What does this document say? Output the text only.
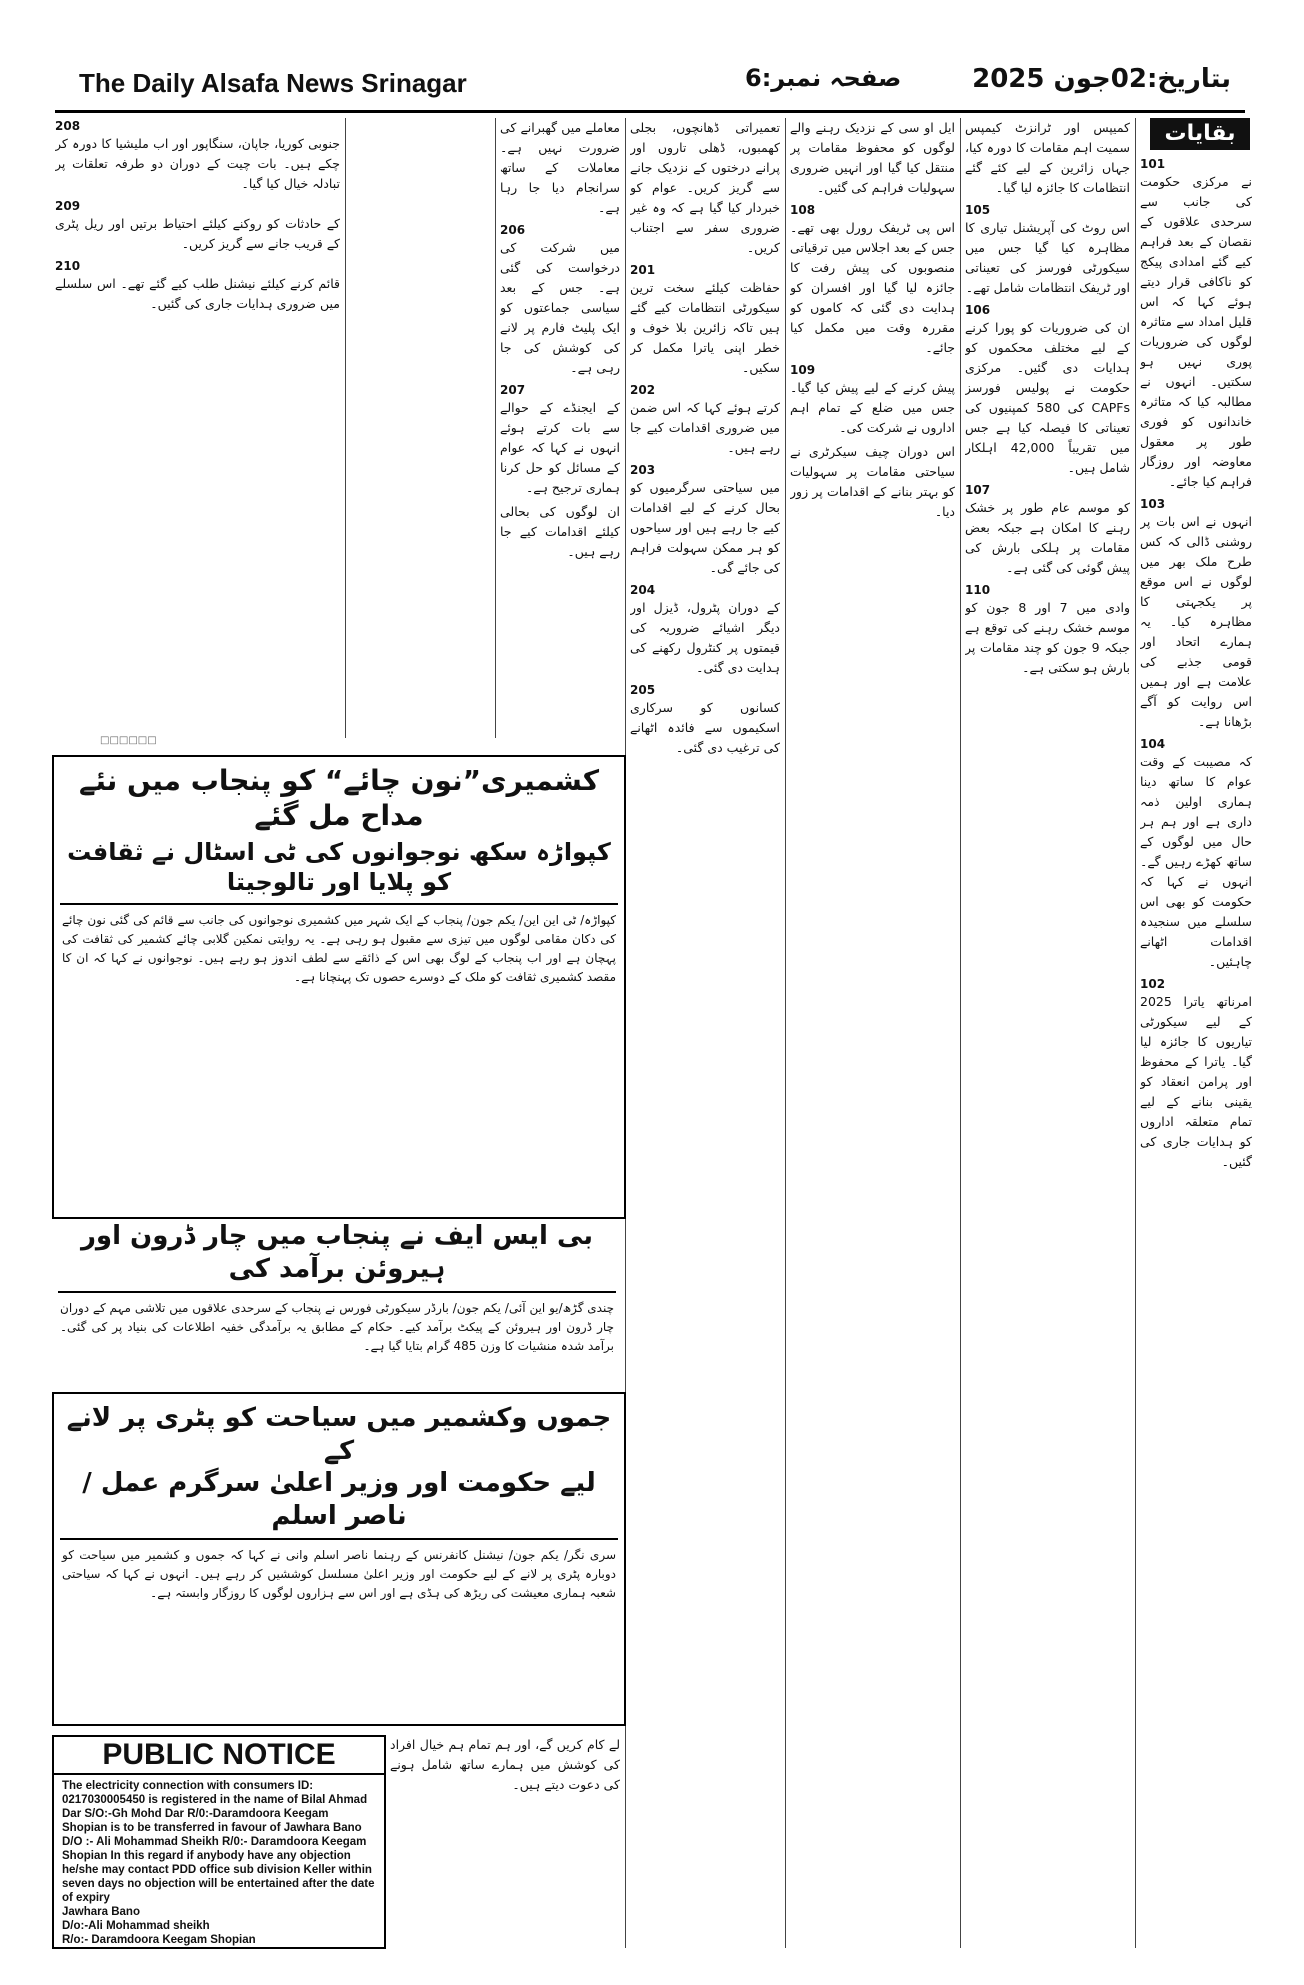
The Daily Alsafa News Srinagar	صفحہ نمبر:6	بتاریخ:02جون 2025
بقایات

101
نے مرکزی حکومت کی جانب سے سرحدی علاقوں کے نقصان کے بعد فراہم کیے گئے امدادی پیکج کو ناکافی قرار دیتے ہوئے کہا کہ اس قلیل امداد سے متاثرہ لوگوں کی ضروریات پوری نہیں ہو سکتیں۔ انہوں نے مطالبہ کیا کہ متاثرہ خاندانوں کو فوری طور پر معقول معاوضہ اور روزگار فراہم کیا جائے۔

103
انہوں نے اس بات پر روشنی ڈالی کہ کس طرح ملک بھر میں لوگوں نے اس موقع پر یکجہتی کا مظاہرہ کیا۔ یہ ہمارے اتحاد اور قومی جذبے کی علامت ہے اور ہمیں اس روایت کو آگے بڑھانا ہے۔

104
کہ مصیبت کے وقت عوام کا ساتھ دینا ہماری اولین ذمہ داری ہے اور ہم ہر حال میں لوگوں کے ساتھ کھڑے رہیں گے۔ انہوں نے کہا کہ حکومت کو بھی اس سلسلے میں سنجیدہ اقدامات اٹھانے چاہئیں۔

102
امرناتھ یاترا 2025 کے لیے سیکورٹی تیاریوں کا جائزہ لیا گیا۔ یاترا کے محفوظ اور پرامن انعقاد کو یقینی بنانے کے لیے تمام متعلقہ اداروں کو ہدایات جاری کی گئیں۔

کمیپس اور ٹرانزٹ کیمپس سمیت اہم مقامات کا دورہ کیا، جہاں زائرین کے لیے کئے گئے انتظامات کا جائزہ لیا گیا۔

105
اس روٹ کی آپریشنل تیاری کا مظاہرہ کیا گیا جس میں سیکورٹی فورسز کی تعیناتی اور ٹریفک انتظامات شامل تھے۔

106
ان کی ضروریات کو پورا کرنے کے لیے مختلف محکموں کو ہدایات دی گئیں۔ مرکزی حکومت نے پولیس فورسز CAPFs کی 580 کمپنیوں کی تعیناتی کا فیصلہ کیا ہے جس میں تقریباً 42,000 اہلکار شامل ہیں۔

107
کو موسم عام طور پر خشک رہنے کا امکان ہے جبکہ بعض مقامات پر ہلکی بارش کی پیش گوئی کی گئی ہے۔

110
وادی میں 7 اور 8 جون کو موسم خشک رہنے کی توقع ہے جبکہ 9 جون کو چند مقامات پر بارش ہو سکتی ہے۔

ایل او سی کے نزدیک رہنے والے لوگوں کو محفوظ مقامات پر منتقل کیا گیا اور انہیں ضروری سہولیات فراہم کی گئیں۔

108
اس پی ٹریفک رورل بھی تھے۔ جس کے بعد اجلاس میں ترقیاتی منصوبوں کی پیش رفت کا جائزہ لیا گیا اور افسران کو ہدایت دی گئی کہ کاموں کو مقررہ وقت میں مکمل کیا جائے۔

109
پیش کرنے کے لیے پیش کیا گیا۔ جس میں ضلع کے تمام اہم اداروں نے شرکت کی۔

اس دوران چیف سیکرٹری نے سیاحتی مقامات پر سہولیات کو بہتر بنانے کے اقدامات پر زور دیا۔

تعمیراتی ڈھانچوں، بجلی کھمبوں، ڈھلی تاروں اور پرانے درختوں کے نزدیک جانے سے گریز کریں۔ عوام کو خبردار کیا گیا ہے کہ وہ غیر ضروری سفر سے اجتناب کریں۔

201
حفاظت کیلئے سخت ترین سیکورٹی انتظامات کیے گئے ہیں تاکہ زائرین بلا خوف و خطر اپنی یاترا مکمل کر سکیں۔

202
کرتے ہوئے کہا کہ اس ضمن میں ضروری اقدامات کیے جا رہے ہیں۔

203
میں سیاحتی سرگرمیوں کو بحال کرنے کے لیے اقدامات کیے جا رہے ہیں اور سیاحوں کو ہر ممکن سہولت فراہم کی جائے گی۔

204
کے دوران پٹرول، ڈیزل اور دیگر اشیائے ضروریہ کی قیمتوں پر کنٹرول رکھنے کی ہدایت دی گئی۔

205
کسانوں کو سرکاری اسکیموں سے فائدہ اٹھانے کی ترغیب دی گئی۔

معاملے میں گھبرانے کی ضرورت نہیں ہے۔ معاملات کے ساتھ سرانجام دیا جا رہا ہے۔

206
میں شرکت کی درخواست کی گئی ہے۔ جس کے بعد سیاسی جماعتوں کو ایک پلیٹ فارم پر لانے کی کوشش کی جا رہی ہے۔

207
کے ایجنڈے کے حوالے سے بات کرتے ہوئے انہوں نے کہا کہ عوام کے مسائل کو حل کرنا ہماری ترجیح ہے۔

ان لوگوں کی بحالی کیلئے اقدامات کیے جا رہے ہیں۔

208
جنوبی کوریا، جاپان، سنگاپور اور اب ملیشیا کا دورہ کر چکے ہیں۔ بات چیت کے دوران دو طرفہ تعلقات پر تبادلہ خیال کیا گیا۔

209
کے حادثات کو روکنے کیلئے احتیاط برتیں اور ریل پٹری کے قریب جانے سے گریز کریں۔

210
قائم کرنے کیلئے نیشنل طلب کیے گئے تھے۔ اس سلسلے میں ضروری ہدایات جاری کی گئیں۔

□□□□□□
کشمیری”نون چائے“ کو پنجاب میں نئے مداح مل گئے
کپواڑہ سکھ نوجوانوں کی ٹی اسٹال نے ثقافت کو پلایا اور تالوجیتا
کپواڑہ/ ٹی این این/ یکم جون/ پنجاب کے ایک شہر میں کشمیری نوجوانوں کی جانب سے قائم کی گئی نون چائے کی دکان مقامی لوگوں میں تیزی سے مقبول ہو رہی ہے۔ یہ روایتی نمکین گلابی چائے کشمیر کی ثقافت کی پہچان ہے اور اب پنجاب کے لوگ بھی اس کے ذائقے سے لطف اندوز ہو رہے ہیں۔ نوجوانوں نے کہا کہ ان کا مقصد کشمیری ثقافت کو ملک کے دوسرے حصوں تک پہنچانا ہے۔
بی ایس ایف نے پنجاب میں چار ڈرون اور ہیروئن برآمد کی
چندی گڑھ/یو این آئی/ یکم جون/ بارڈر سیکورٹی فورس نے پنجاب کے سرحدی علاقوں میں تلاشی مہم کے دوران چار ڈرون اور ہیروئن کے پیکٹ برآمد کیے۔ حکام کے مطابق یہ برآمدگی خفیہ اطلاعات کی بنیاد پر کی گئی۔ برآمد شدہ منشیات کا وزن 485 گرام بتایا گیا ہے۔
جموں وکشمیر میں سیاحت کو پٹری پر لانے کے
لیے حکومت اور وزیر اعلیٰ سرگرم عمل / ناصر اسلم
سری نگر/ یکم جون/ نیشنل کانفرنس کے رہنما ناصر اسلم وانی نے کہا کہ جموں و کشمیر میں سیاحت کو دوبارہ پٹری پر لانے کے لیے حکومت اور وزیر اعلیٰ مسلسل کوششیں کر رہے ہیں۔ انہوں نے کہا کہ سیاحتی شعبہ ہماری معیشت کی ریڑھ کی ہڈی ہے اور اس سے ہزاروں لوگوں کا روزگار وابستہ ہے۔
PUBLIC NOTICE
The electricity connection with consumers ID: 0217030005450 is registered in the name of Bilal Ahmad Dar S/O:-Gh Mohd Dar R/0:-Daramdoora Keegam Shopian is to be transferred in favour of Jawhara Bano D/O :- Ali Mohammad Sheikh R/0:- Daramdoora Keegam Shopian In this regard if anybody have any objection he/she may contact PDD office sub division Keller within seven days no objection will be entertained after the date of expiry
Jawhara Bano
D/o:-Ali Mohammad sheikh
R/o:- Daramdoora Keegam Shopian

لے کام کریں گے، اور ہم تمام ہم خیال افراد کی کوشش میں ہمارے ساتھ شامل ہونے کی دعوت دیتے ہیں۔
